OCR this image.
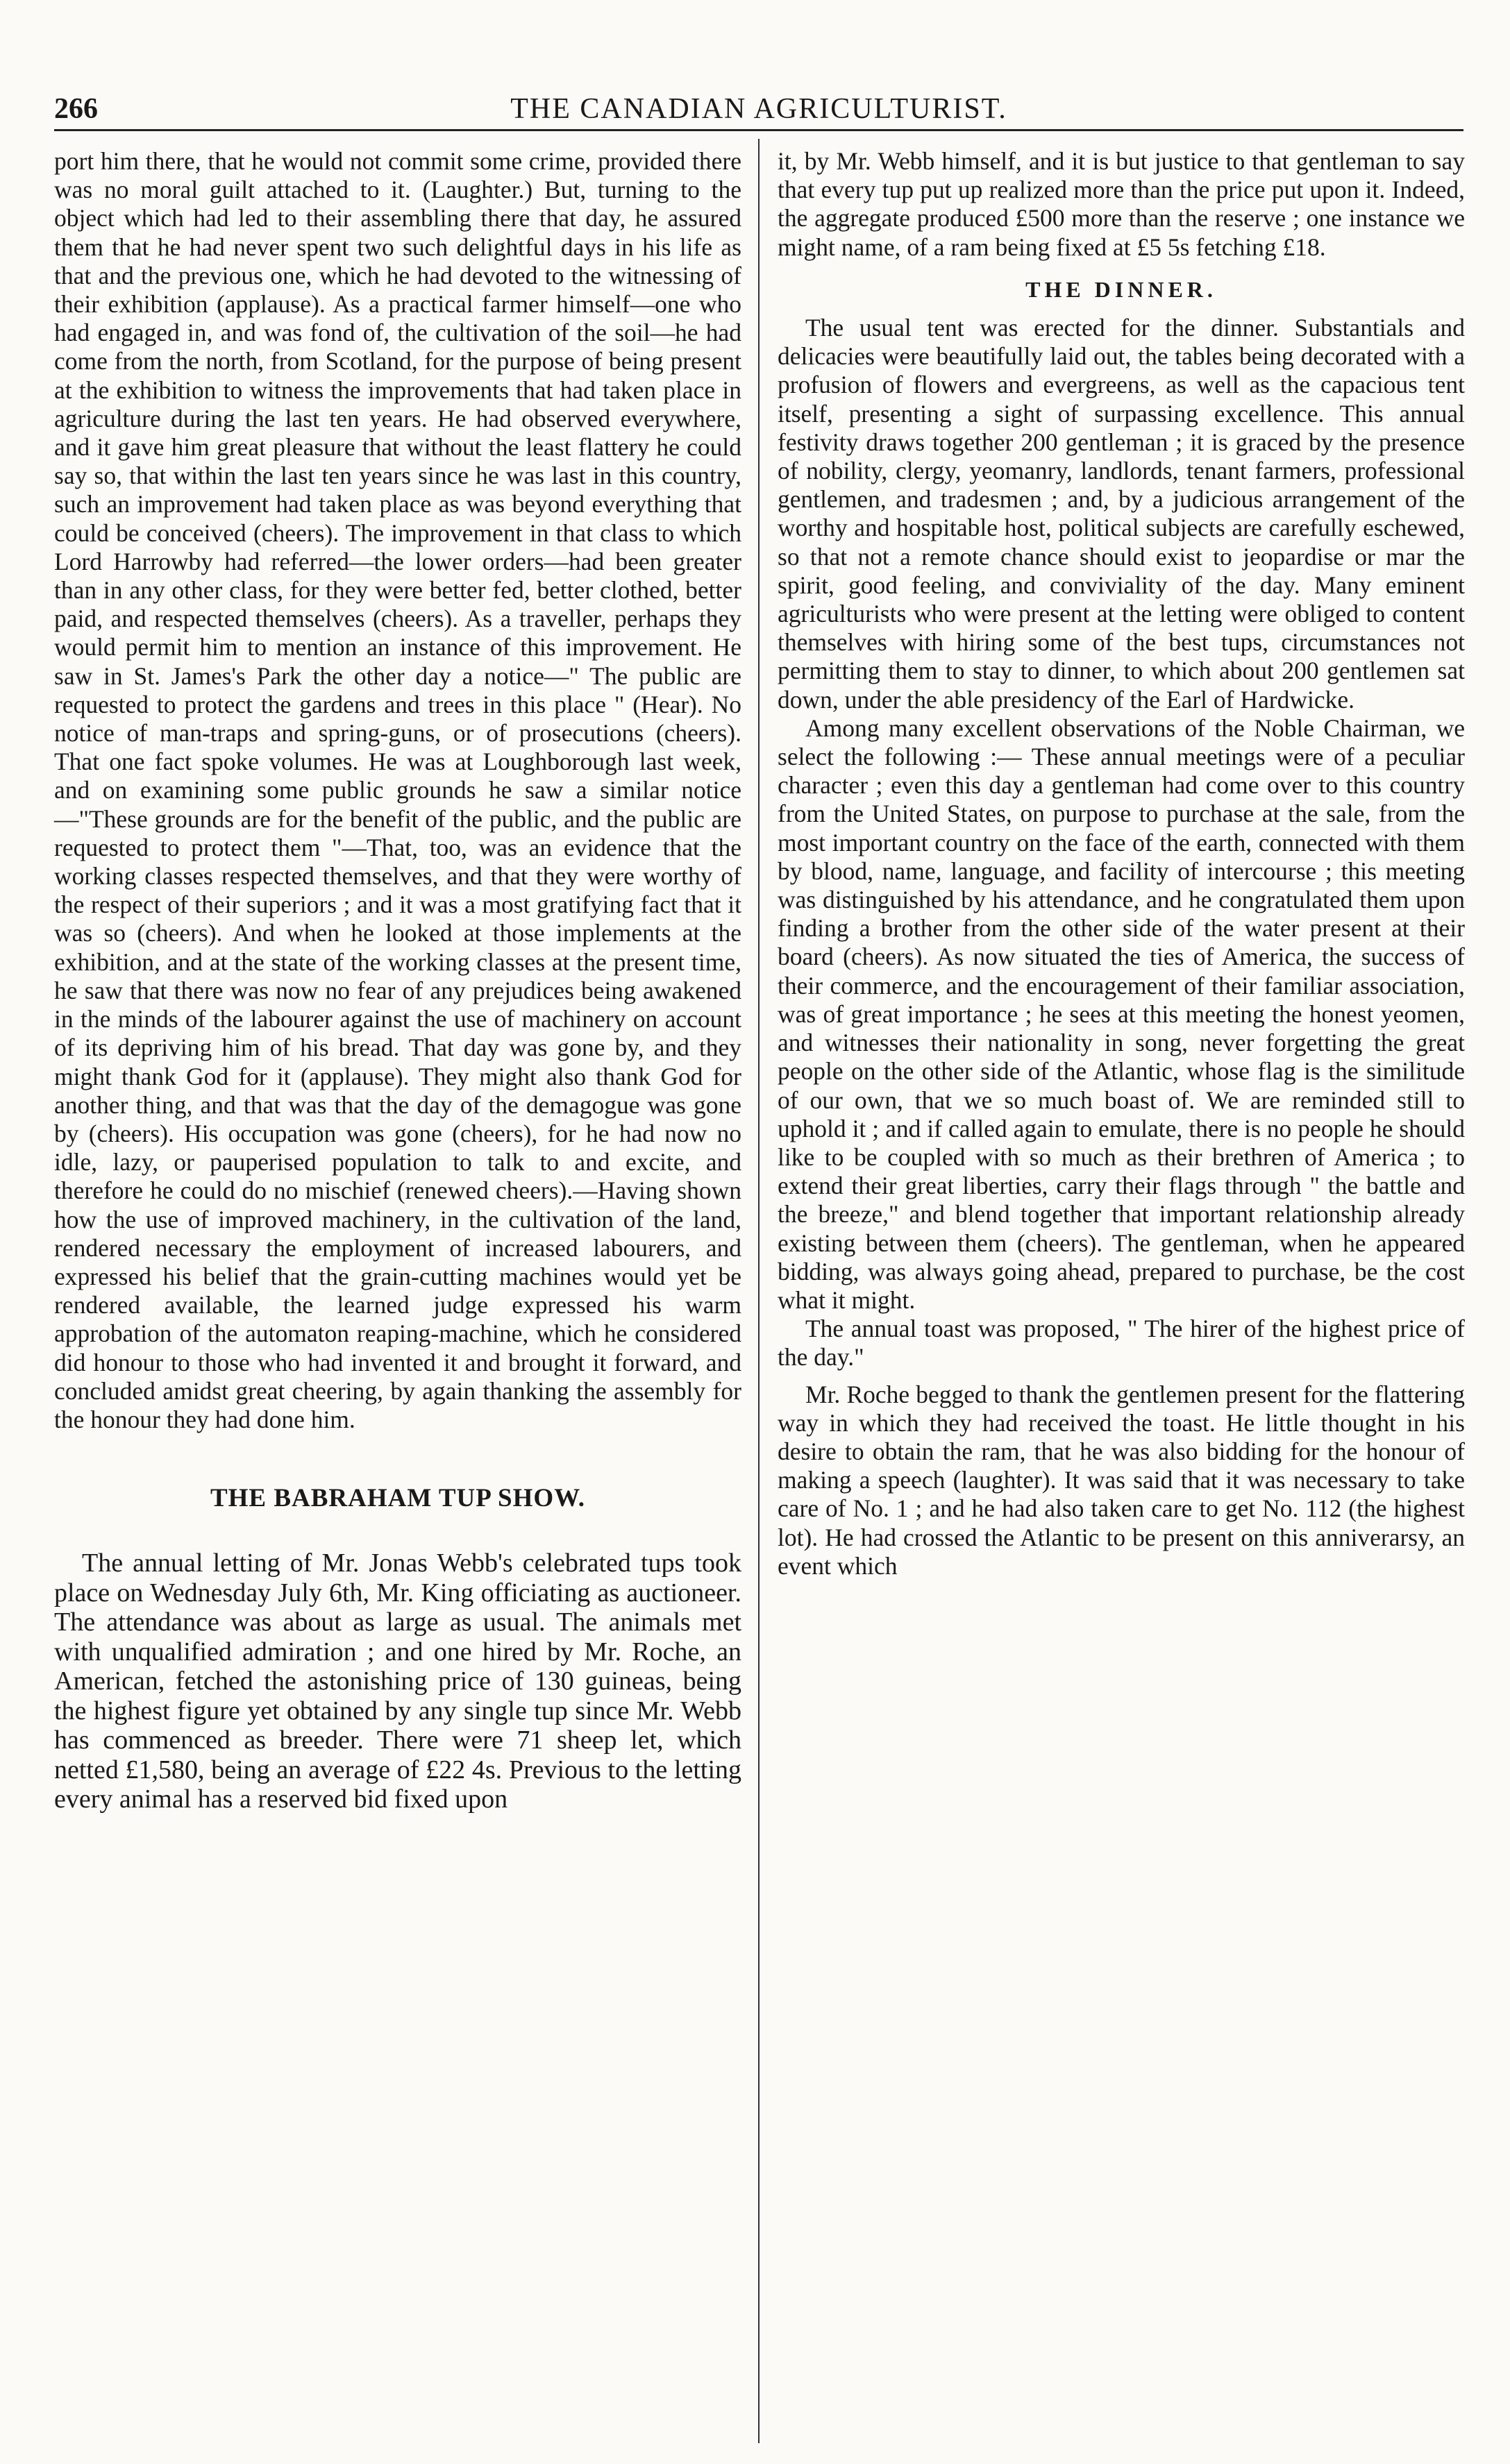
266	THE CANADIAN AGRICULTURIST.

port him there, that he would not commit some crime, provided there was no moral guilt attached to it. (Laughter.) But, turning to the object which had led to their assembling there that day, he assured them that he had never spent two such delightful days in his life as that and the previous one, which he had devoted to the witnessing of their exhibition (applause). As a practical farmer himself—one who had engaged in, and was fond of, the cultivation of the soil—he had come from the north, from Scotland, for the purpose of being present at the exhibition to witness the improvements that had taken place in agriculture during the last ten years. He had observed everywhere, and it gave him great pleasure that without the least flattery he could say so, that within the last ten years since he was last in this country, such an improvement had taken place as was beyond everything that could be conceived (cheers). The improvement in that class to which Lord Harrowby had referred—the lower orders—had been greater than in any other class, for they were better fed, better clothed, better paid, and respected themselves (cheers). As a traveller, perhaps they would permit him to mention an instance of this improvement. He saw in St. James's Park the other day a notice—" The public are requested to protect the gardens and trees in this place " (Hear). No notice of man-traps and spring-guns, or of prosecutions (cheers). That one fact spoke volumes. He was at Loughborough last week, and on examining some public grounds he saw a similar notice—"These grounds are for the benefit of the public, and the public are requested to protect them "—That, too, was an evidence that the working classes respected themselves, and that they were worthy of the respect of their superiors ; and it was a most gratifying fact that it was so (cheers). And when he looked at those implements at the exhibition, and at the state of the working classes at the present time, he saw that there was now no fear of any prejudices being awakened in the minds of the labourer against the use of machinery on account of its depriving him of his bread. That day was gone by, and they might thank God for it (applause). They might also thank God for another thing, and that was that the day of the demagogue was gone by (cheers). His occupation was gone (cheers), for he had now no idle, lazy, or pauperised population to talk to and excite, and therefore he could do no mischief (renewed cheers).—Having shown how the use of improved machinery, in the cultivation of the land, rendered necessary the employment of increased labourers, and expressed his belief that the grain-cutting machines would yet be rendered available, the learned judge expressed his warm approbation of the automaton reaping-machine, which he considered did honour to those who had invented it and brought it forward, and concluded amidst great cheering, by again thanking the assembly for the honour they had done him.

THE BABRAHAM TUP SHOW.

The annual letting of Mr. Jonas Webb's celebrated tups took place on Wednesday July 6th, Mr. King officiating as auctioneer. The attendance was about as large as usual. The animals met with unqualified admiration ; and one hired by Mr. Roche, an American, fetched the astonishing price of 130 guineas, being the highest figure yet obtained by any single tup since Mr. Webb has commenced as breeder. There were 71 sheep let, which netted £1,580, being an average of £22 4s. Previous to the letting every animal has a reserved bid fixed upon

it, by Mr. Webb himself, and it is but justice to that gentleman to say that every tup put up realized more than the price put upon it. Indeed, the aggregate produced £500 more than the reserve ; one instance we might name, of a ram being fixed at £5 5s fetching £18.

THE DINNER.

The usual tent was erected for the dinner. Substantials and delicacies were beautifully laid out, the tables being decorated with a profusion of flowers and evergreens, as well as the capacious tent itself, presenting a sight of surpassing excellence. This annual festivity draws together 200 gentleman ; it is graced by the presence of nobility, clergy, yeomanry, landlords, tenant farmers, professional gentlemen, and tradesmen ; and, by a judicious arrangement of the worthy and hospitable host, political subjects are carefully eschewed, so that not a remote chance should exist to jeopardise or mar the spirit, good feeling, and conviviality of the day. Many eminent agriculturists who were present at the letting were obliged to content themselves with hiring some of the best tups, circumstances not permitting them to stay to dinner, to which about 200 gentlemen sat down, under the able presidency of the Earl of Hardwicke.

Among many excellent observations of the Noble Chairman, we select the following :— These annual meetings were of a peculiar character ; even this day a gentleman had come over to this country from the United States, on purpose to purchase at the sale, from the most important country on the face of the earth, connected with them by blood, name, language, and facility of intercourse ; this meeting was distinguished by his attendance, and he congratulated them upon finding a brother from the other side of the water present at their board (cheers). As now situated the ties of America, the success of their commerce, and the encouragement of their familiar association, was of great importance ; he sees at this meeting the honest yeomen, and witnesses their nationality in song, never forgetting the great people on the other side of the Atlantic, whose flag is the similitude of our own, that we so much boast of. We are reminded still to uphold it ; and if called again to emulate, there is no people he should like to be coupled with so much as their brethren of America ; to extend their great liberties, carry their flags through " the battle and the breeze," and blend together that important relationship already existing between them (cheers). The gentleman, when he appeared bidding, was always going ahead, prepared to purchase, be the cost what it might.

The annual toast was proposed, " The hirer of the highest price of the day."

Mr. Roche begged to thank the gentlemen present for the flattering way in which they had received the toast. He little thought in his desire to obtain the ram, that he was also bidding for the honour of making a speech (laughter). It was said that it was necessary to take care of No. 1 ; and he had also taken care to get No. 112 (the highest lot). He had crossed the Atlantic to be present on this anniverarsy, an event which
